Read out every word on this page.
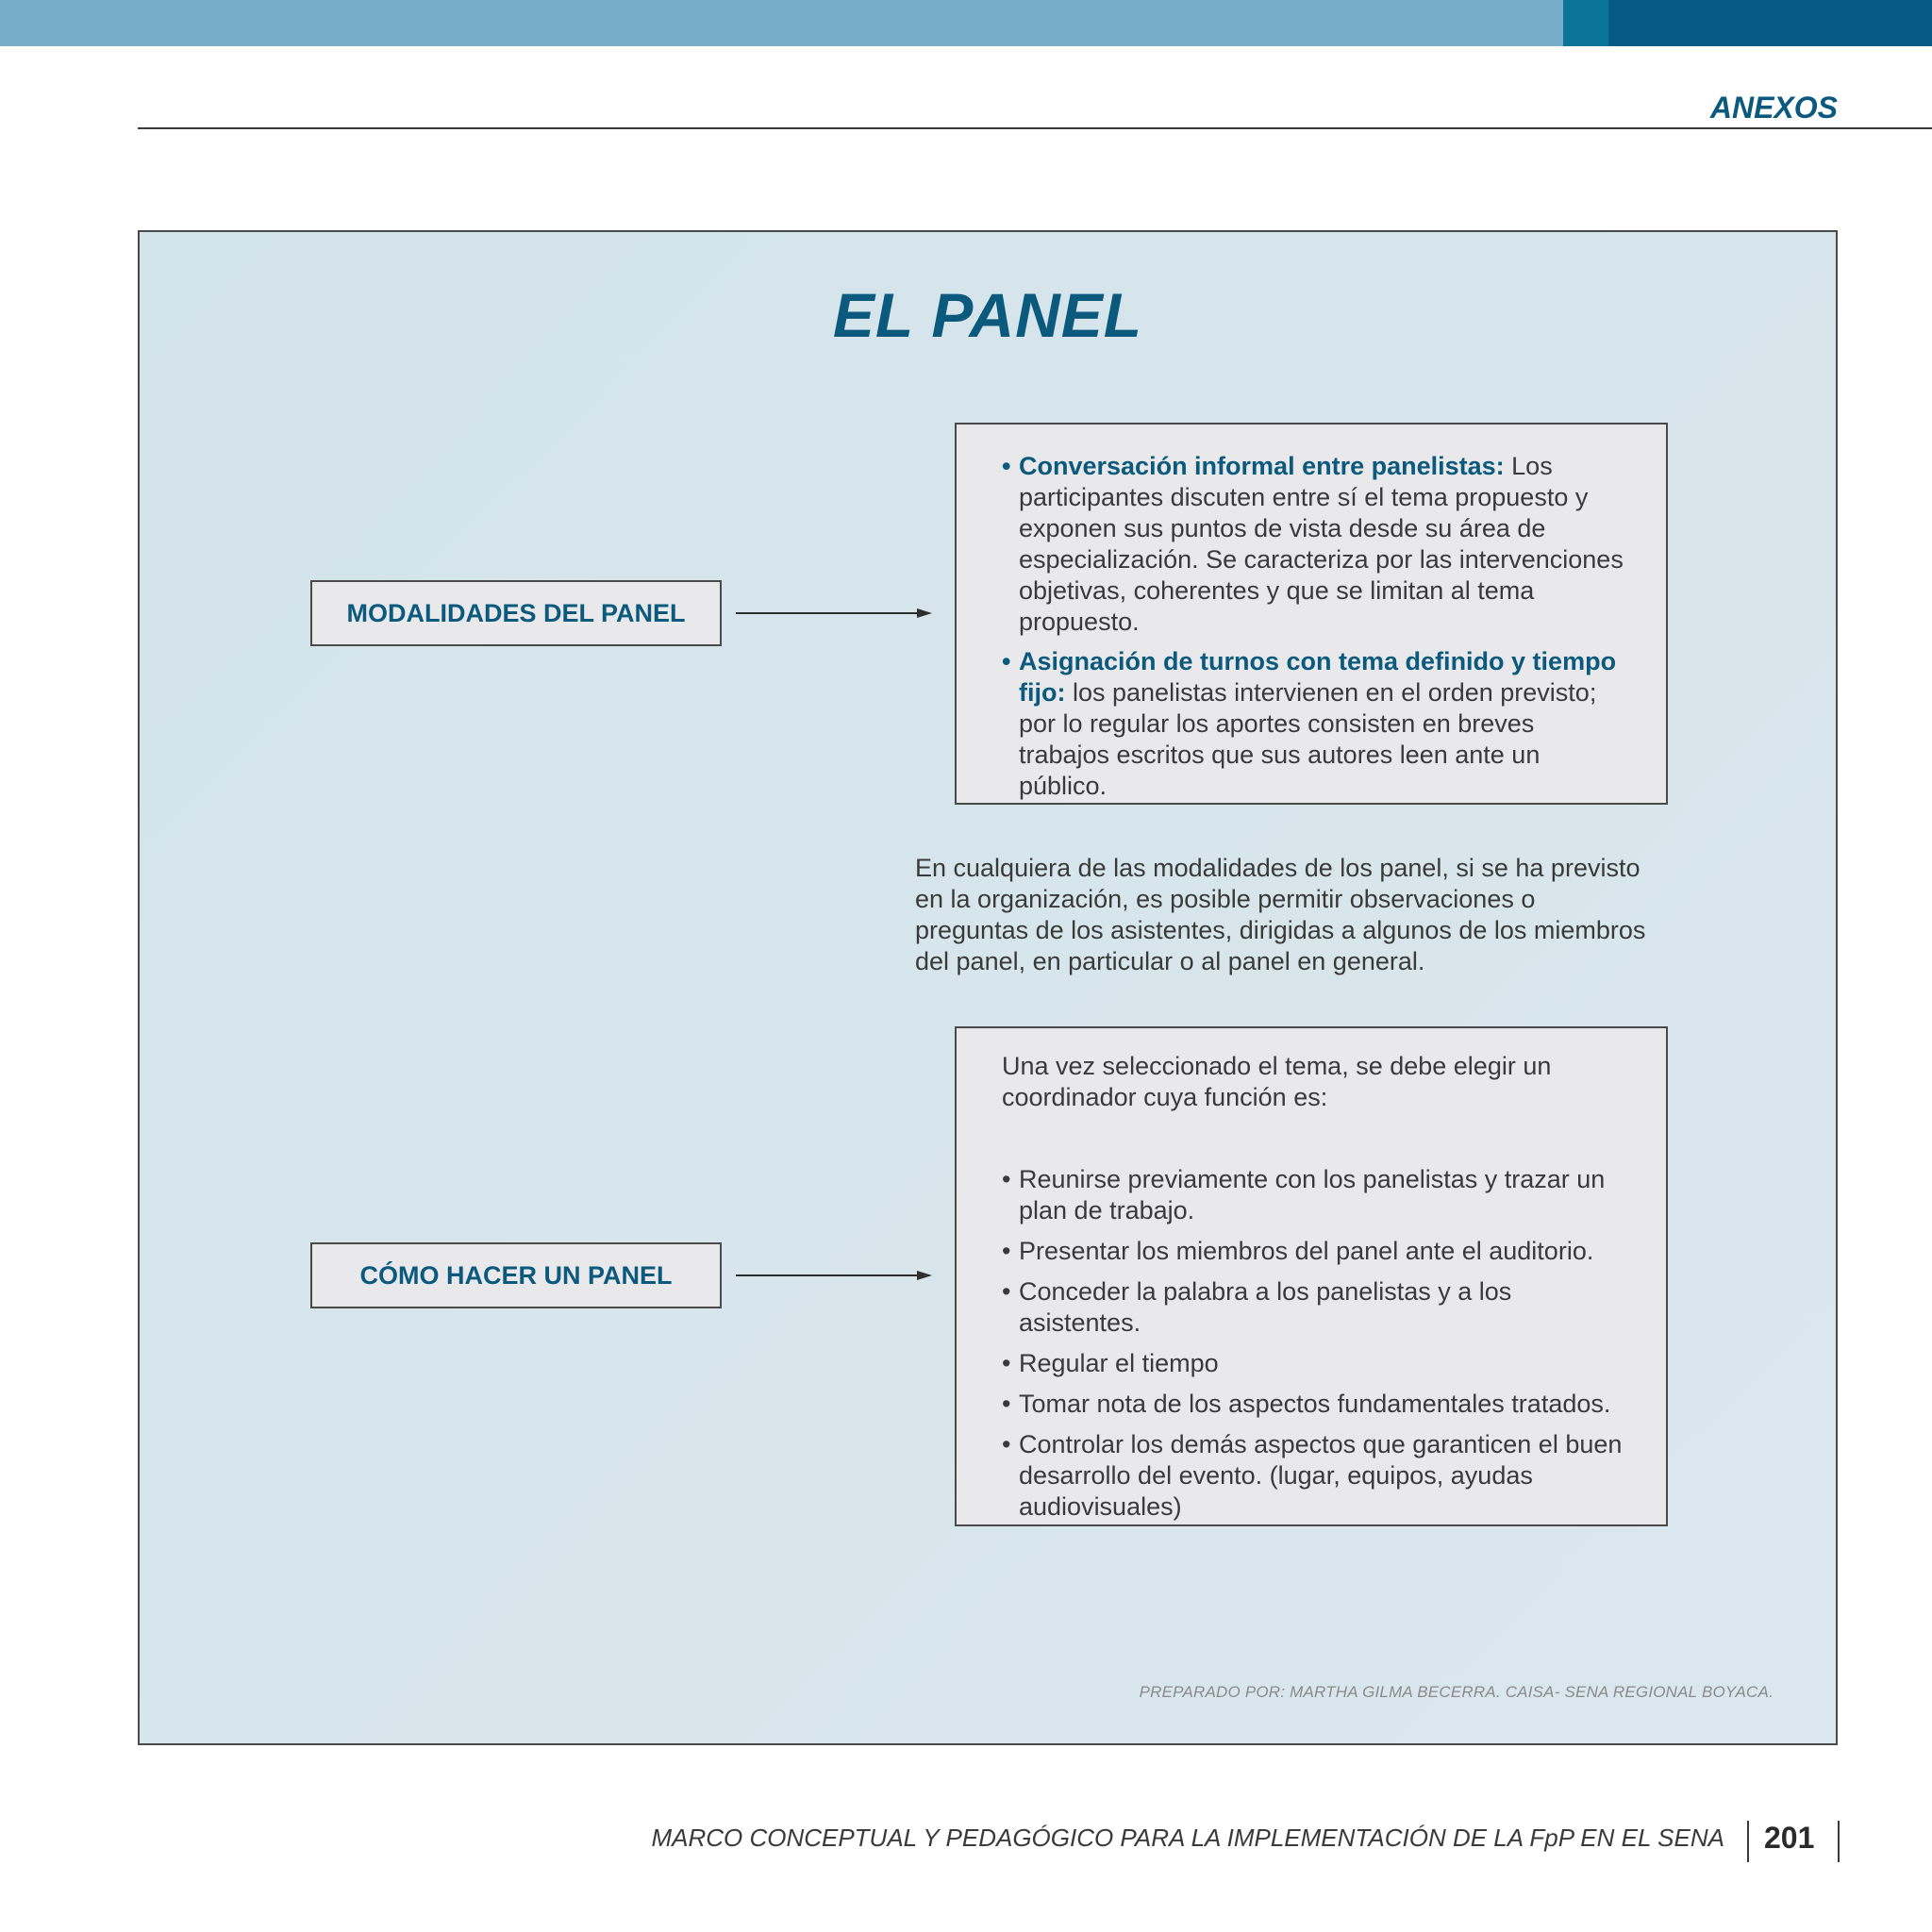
ANEXOS
EL PANEL
MODALIDADES DEL PANEL
• Conversación informal entre panelistas: Los participantes discuten entre sí el tema propuesto y exponen sus puntos de vista desde su área de especialización. Se caracteriza por las intervenciones objetivas, coherentes y que se limitan al tema propuesto.
• Asignación de turnos con tema definido y tiempo fijo: los panelistas intervienen en el orden previsto; por lo regular los aportes consisten en breves trabajos escritos que sus autores leen ante un público.
En cualquiera de las modalidades de los panel, si se ha previsto en la organización, es posible permitir observaciones o preguntas de los asistentes, dirigidas a algunos de los miembros del panel, en particular o al panel en general.
CÓMO HACER UN PANEL
Una vez seleccionado el tema, se debe elegir un coordinador cuya función es:
• Reunirse previamente con los panelistas y trazar un plan de trabajo.
• Presentar los miembros del panel ante el auditorio.
• Conceder la palabra a los panelistas y a los asistentes.
• Regular el tiempo
• Tomar nota de los aspectos fundamentales tratados.
• Controlar los demás aspectos que garanticen el buen desarrollo del evento. (lugar, equipos, ayudas audiovisuales)
PREPARADO POR: MARTHA GILMA BECERRA. CAISA- SENA REGIONAL BOYACA.
MARCO CONCEPTUAL Y PEDAGÓGICO PARA LA IMPLEMENTACIÓN DE LA FpP EN EL SENA 201
